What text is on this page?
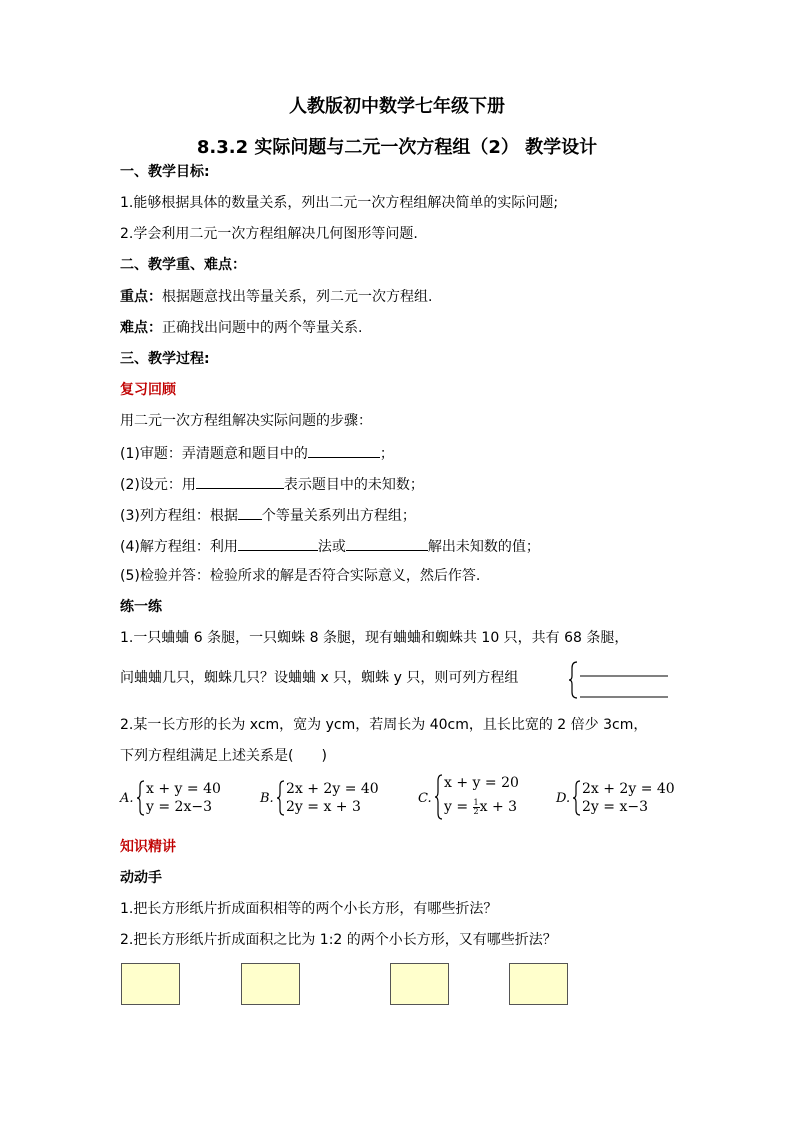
人教版初中数学七年级下册
8.3.2 实际问题与二元一次方程组（2） 教学设计
一、教学目标:
1.能够根据具体的数量关系，列出二元一次方程组解决简单的实际问题;
2.学会利用二元一次方程组解决几何图形等问题.
二、教学重、难点：
重点：根据题意找出等量关系，列二元一次方程组.
难点：正确找出问题中的两个等量关系.
三、教学过程:
复习回顾
用二元一次方程组解决实际问题的步骤：
(1)审题：弄清题意和题目中的	；
(2)设元：用	表示题目中的未知数；
(3)列方程组：根据 个等量关系列出方程组；
(4)解方程组：利用	法或	解出未知数的值；
(5)检验并答：检验所求的解是否符合实际意义，然后作答.
练一练
1.一只蛐蛐 6 条腿，一只蜘蛛 8 条腿，现有蛐蛐和蜘蛛共 10 只，共有 68 条腿，
问蛐蛐几只，蜘蛛几只？设蛐蛐 x 只，蜘蛛 y 只，则可列方程组
2.某一长方形的长为 xcm，宽为 ycm，若周长为 40cm，且长比宽的 2 倍少 3cm，
下列方程组满足上述关系是(　　)
A.
x + y = 40
y = 2x−3
B.
2x + 2y = 40
2y = x + 3
C.
x + y = 20
$y = \frac{1}{2}$ x + 3
D.
2x + 2y = 40
2y = x−3
知识精讲
动动手
1.把长方形纸片折成面积相等的两个小长方形，有哪些折法？
2.把长方形纸片折成面积之比为 1:2 的两个小长方形，又有哪些折法？
